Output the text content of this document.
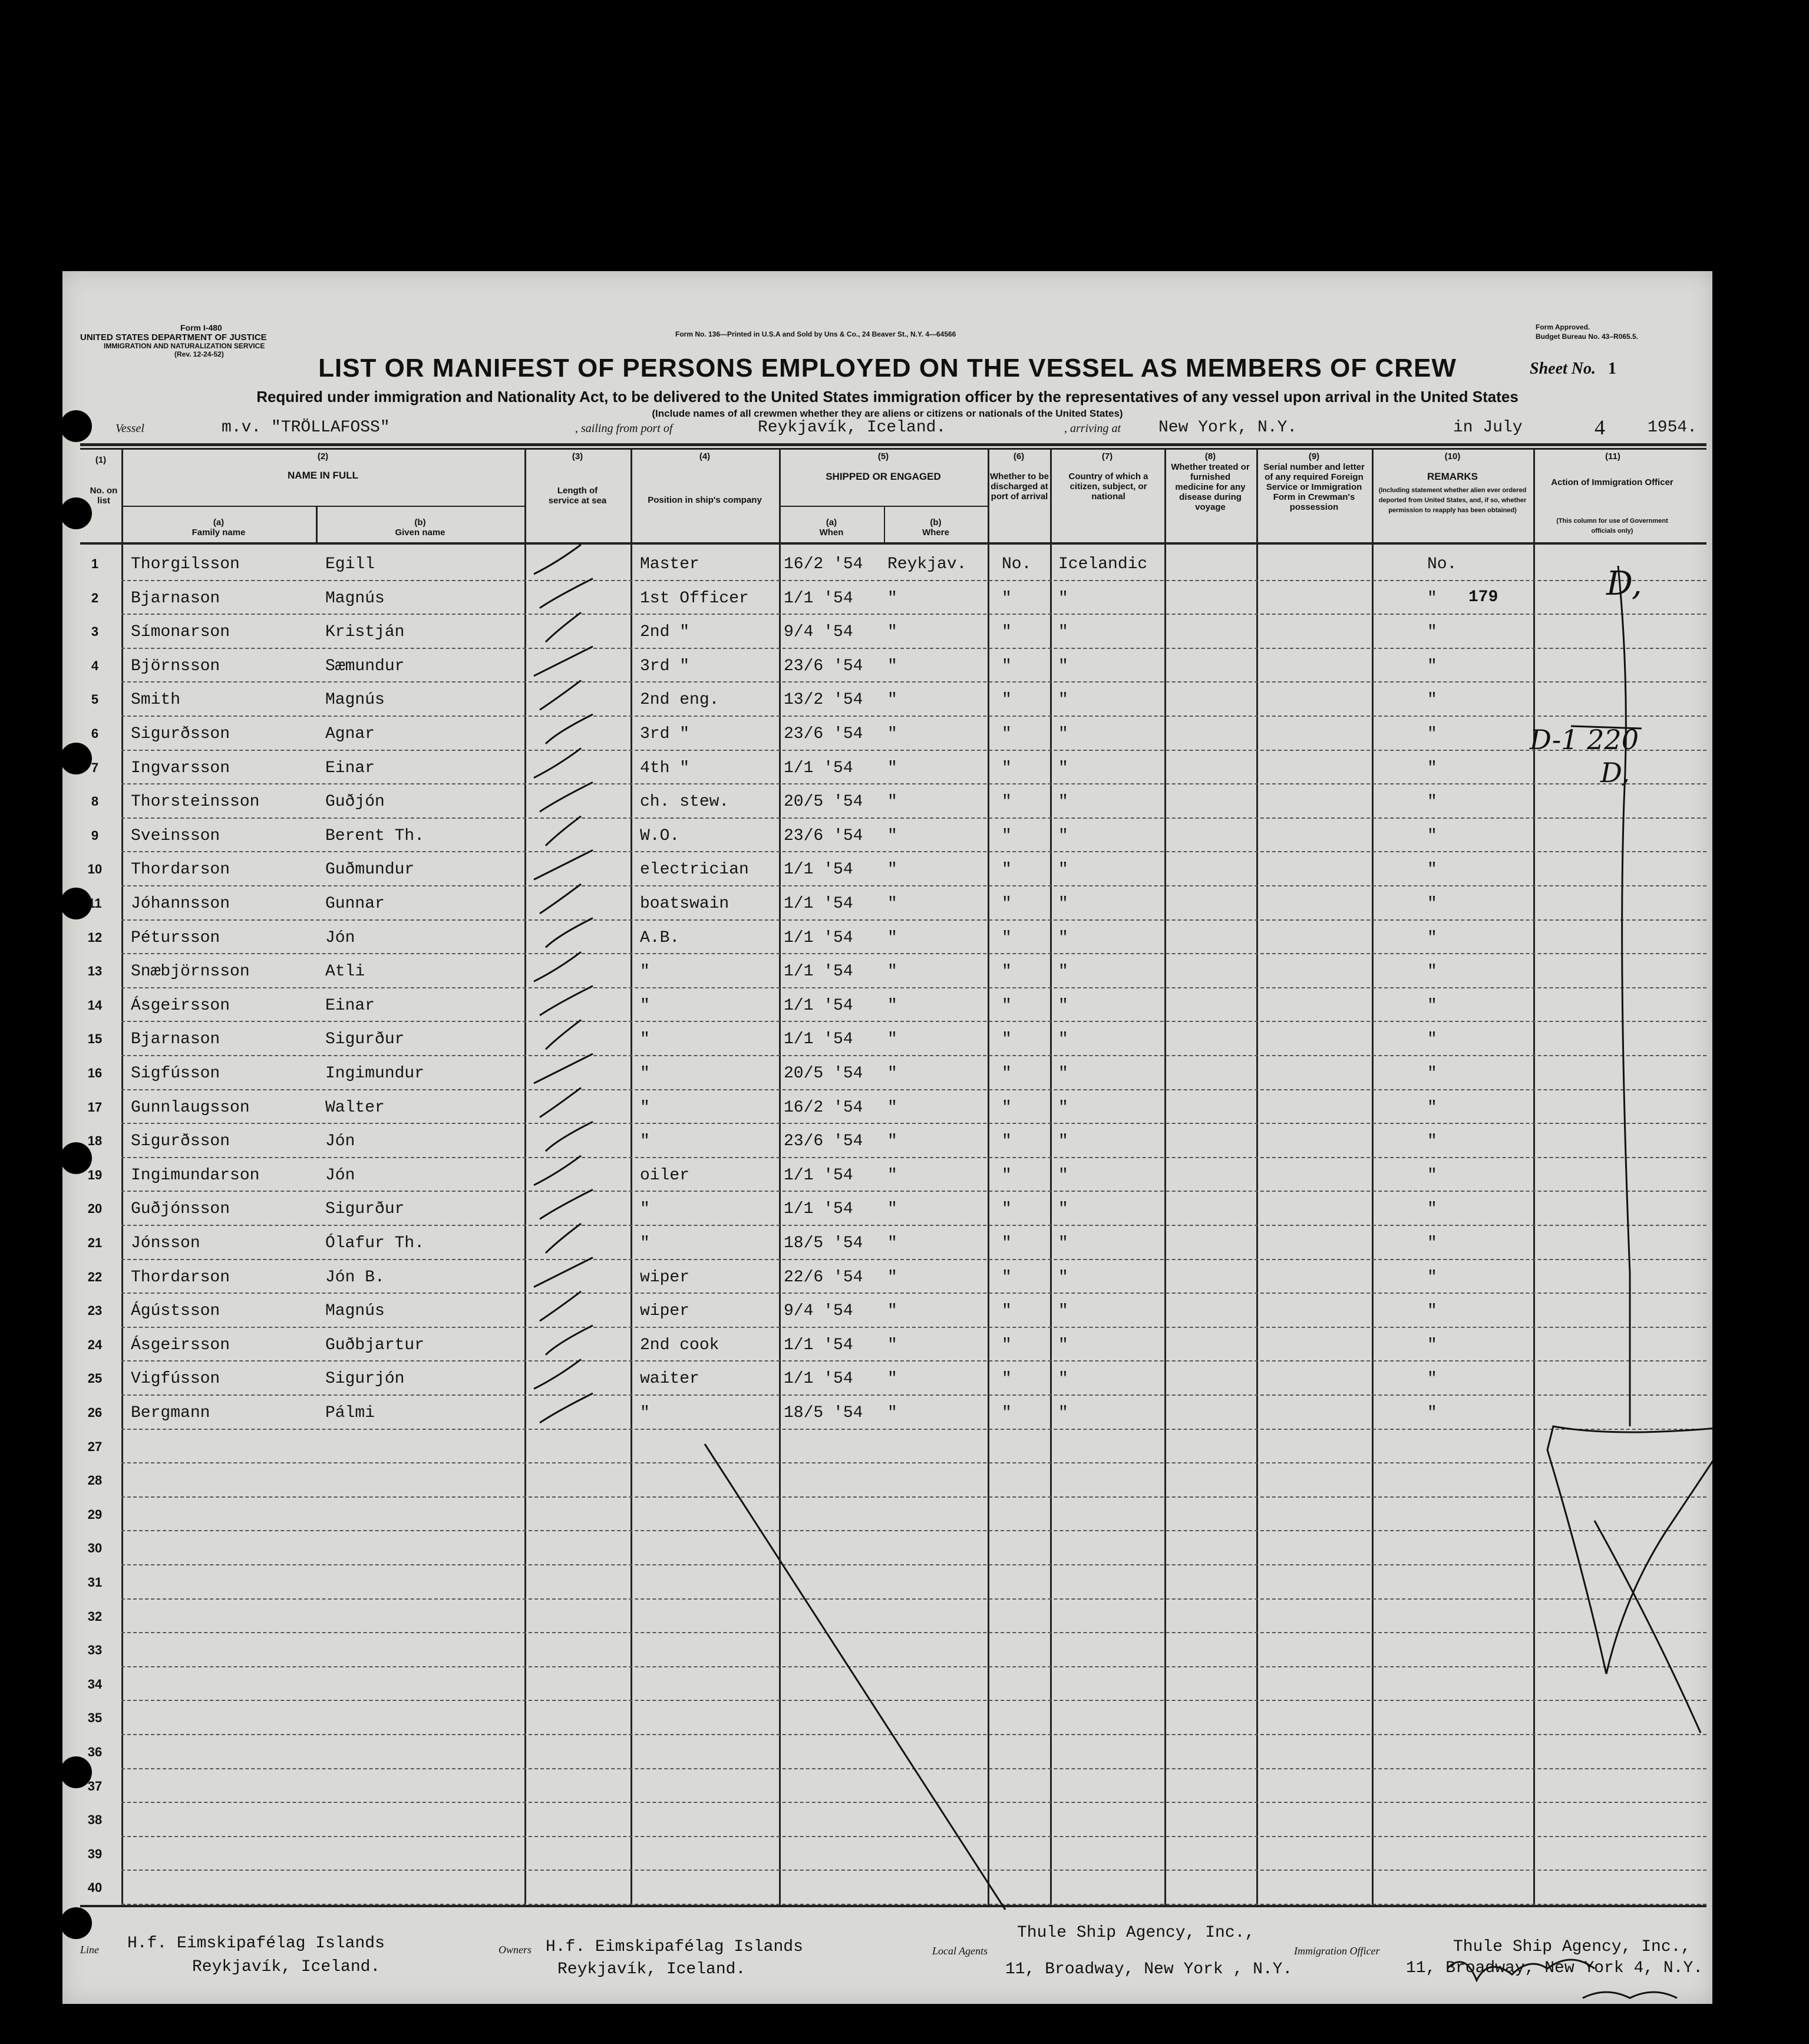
Form I-480
UNITED STATES DEPARTMENT OF JUSTICE
IMMIGRATION AND NATURALIZATION SERVICE
(Rev. 12-24-52)
Form No. 136—Printed in U.S.A and Sold by Uns & Co., 24 Beaver St., N.Y. 4—64566
Form Approved.
Budget Bureau No. 43–R065.5.
LIST OR MANIFEST OF PERSONS EMPLOYED ON THE VESSEL AS MEMBERS OF CREW	Sheet No. 1
Required under immigration and Nationality Act, to be delivered to the United States immigration officer by the representatives of any vessel upon arrival in the United States
(Include names of all crewmen whether they are aliens or citizens or nationals of the United States)
Vessel	m.v. "TRÖLLAFOSS"	, sailing from port of	Reykjavík, Iceland.	, arriving at New York, N.Y.	in July	4	1954.
(1)
No. on list
(2)
NAME IN FULL
(a)
Family name
(b)
Given name
(3)
Length of service at sea
(4)
Position in ship's company
(5)
SHIPPED OR ENGAGED
(a)
When
(b)
Where
(6)
Whether to be discharged at port of arrival
(7)
Country of which a citizen, subject, or national
(8)
Whether treated or furnished medicine for any disease during voyage
(9)
Serial number and letter of any required Foreign Service or Immigration Form in Crewman's possession
(10)
REMARKS
(Including statement whether alien ever ordered deported from United States, and, if so, whether permission to reapply has been obtained)
(11)
Action of Immigration Officer
(This column for use of Government officials only)
1	Thorgilsson	Egill	Master	16/2 '54 Reykjav. No. Icelandic	No.
2	Bjarnason	Magnús	1st Officer 1/1 '54 "	"	"	"
3	Símonarson	Kristján	2nd "	9/4 '54 "	"	"	"
4	Björnsson	Sæmundur	3rd "	23/6 '54 "	"	"	"
5	Smith	Magnús	2nd eng.	13/2 '54 "	"	"	"
6	Sigurðsson	Agnar	3rd "	23/6 '54 "	"	"	"
7	Ingvarsson	Einar	4th "	1/1 '54 "	"	"	"
8	Thorsteinsson	Guðjón	ch. stew.	20/5 '54 "	"	"	"
9	Sveinsson	Berent Th.	W.O.	23/6 '54 "	"	"	"
10	Thordarson	Guðmundur	electrician 1/1 '54 "	"	"	"
11	Jóhannsson	Gunnar	boatswain	1/1 '54 "	"	"	"
12	Pétursson	Jón	A.B.	1/1 '54 "	"	"	"
13	Snæbjörnsson	Atli	"	1/1 '54 "	"	"	"
14	Ásgeirsson	Einar	"	1/1 '54 "	"	"	"
15	Bjarnason	Sigurður	"	1/1 '54 "	"	"	"
16	Sigfússon	Ingimundur	"	20/5 '54 "	"	"	"
17	Gunnlaugsson	Walter	"	16/2 '54 "	"	"	"
18	Sigurðsson	Jón	"	23/6 '54 "	"	"	"
19	Ingimundarson	Jón	oiler	1/1 '54 "	"	"	"
20	Guðjónsson	Sigurður	"	1/1 '54 "	"	"	"
21	Jónsson	Ólafur Th.	"	18/5 '54 "	"	"	"
22	Thordarson	Jón B.	wiper	22/6 '54 "	"	"	"
23	Ágústsson	Magnús	wiper	9/4 '54 "	"	"	"
24	Ásgeirsson	Guðbjartur	2nd cook	1/1 '54 "	"	"	"
25	Vigfússon	Sigurjón	waiter	1/1 '54 "	"	"	"
26	Bergmann	Pálmi	"	18/5 '54 "	"	"	"
27
28
29
30
31
32
33
34
35
36
37
38
39
40
179	D,
D-1 220
D,
Line H.f. Eimskipafélag Islands
Reykjavík, Iceland.
Owners H.f. Eimskipafélag Islands
Reykjavík, Iceland.
Local Agents
Thule Ship Agency, Inc.,
11, Broadway, New York , N.Y.
Immigration Officer	Thule Ship Agency, Inc.,
11, Broadway, New York 4, N.Y.
